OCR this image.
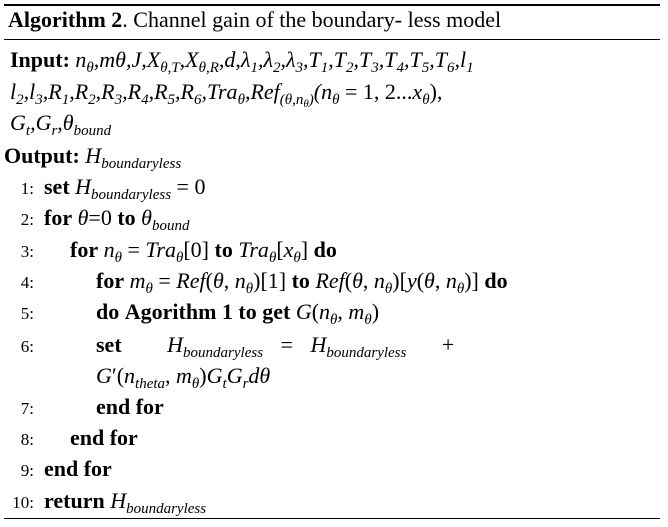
Algorithm 2. Channel gain of the boundary- less model
Input: $n_\theta,m\theta,J,X_{\theta,T},X_{\theta,R},d,\lambda_1,\lambda_2,\lambda_3,T_1,T_2,T_3,T_4,T_5,T_6,l_1$
$l_2,l_3,R_1,R_2,R_3,R_4,R_5,R_6,Tra_\theta,Ref_{(\theta,n_\theta)}(n_\theta = 1$, $2...x_\theta$),
$G_t,G_r,\theta_{bound}$
Output: $H_{boundaryless}$
1: set $H_{boundaryless} = 0$
2: for θ=0 to $\theta_{bound}$
3: for $n_\theta = Tra_\theta[0]$ to $Tra_\theta[x_\theta]$ do
4:	for $m_\theta = Ref(\theta$, $n_\theta)[1]$ to Ref(θ, $n_\theta)[y(\theta$, $n_\theta$)] do
5:	do Agorithm 1 to get $G(n_\theta$, $m_\theta$)
6:	set $H_{boundaryless} = H_{boundaryless}$ +
$G'(n_{theta}$, $m_\theta)G_tG_rd\theta$
7:	end for
8: end for
9: end for
10: return $H_{boundaryless}$
